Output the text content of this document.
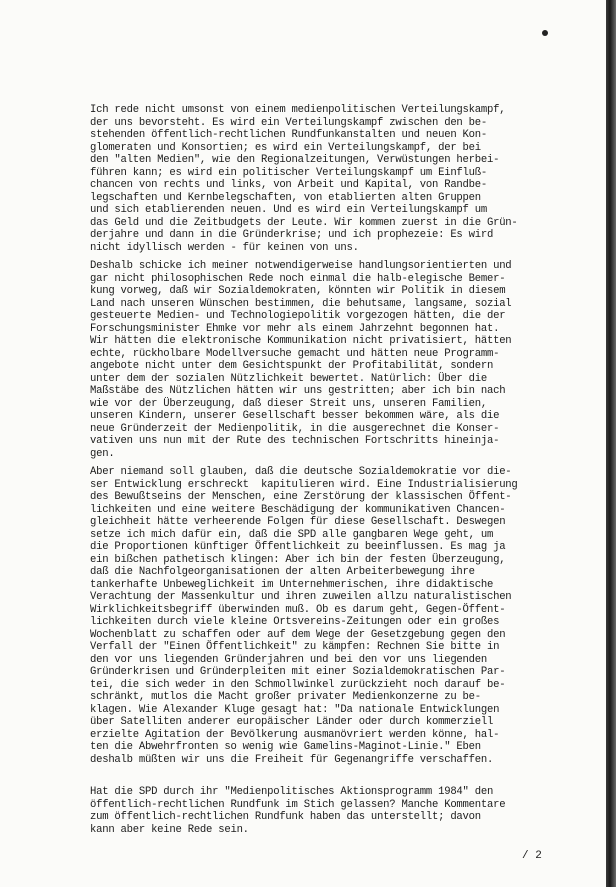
Ich rede nicht umsonst von einem medienpolitischen Verteilungskampf,
der uns bevorsteht. Es wird ein Verteilungskampf zwischen den be-
stehenden öffentlich-rechtlichen Rundfunkanstalten und neuen Kon-
glomeraten und Konsortien; es wird ein Verteilungskampf, der bei
den "alten Medien", wie den Regionalzeitungen, Verwüstungen herbei-
führen kann; es wird ein politischer Verteilungskampf um Einfluß-
chancen von rechts und links, von Arbeit und Kapital, von Randbe-
legschaften und Kernbelegschaften, von etablierten alten Gruppen
und sich etablierenden neuen. Und es wird ein Verteilungskampf um
das Geld und die Zeitbudgets der Leute. Wir kommen zuerst in die Grün-
derjahre und dann in die Gründerkrise; und ich prophezeie: Es wird
nicht idyllisch werden - für keinen von uns.
Deshalb schicke ich meiner notwendigerweise handlungsorientierten und
gar nicht philosophischen Rede noch einmal die halb-elegische Bemer-
kung vorweg, daß wir Sozialdemokraten, könnten wir Politik in diesem
Land nach unseren Wünschen bestimmen, die behutsame, langsame, sozial
gesteuerte Medien- und Technologiepolitik vorgezogen hätten, die der
Forschungsminister Ehmke vor mehr als einem Jahrzehnt begonnen hat.
Wir hätten die elektronische Kommunikation nicht privatisiert, hätten
echte, rückholbare Modellversuche gemacht und hätten neue Programm-
angebote nicht unter dem Gesichtspunkt der Profitabilität, sondern
unter dem der sozialen Nützlichkeit bewertet. Natürlich: Über die
Maßstäbe des Nützlichen hätten wir uns gestritten; aber ich bin nach
wie vor der Überzeugung, daß dieser Streit uns, unseren Familien,
unseren Kindern, unserer Gesellschaft besser bekommen wäre, als die
neue Gründerzeit der Medienpolitik, in die ausgerechnet die Konser-
vativen uns nun mit der Rute des technischen Fortschritts hineinja-
gen.
Aber niemand soll glauben, daß die deutsche Sozialdemokratie vor die-
ser Entwicklung erschreckt  kapitulieren wird. Eine Industrialisierung
des Bewußtseins der Menschen, eine Zerstörung der klassischen Öffent-
lichkeiten und eine weitere Beschädigung der kommunikativen Chancen-
gleichheit hätte verheerende Folgen für diese Gesellschaft. Deswegen
setze ich mich dafür ein, daß die SPD alle gangbaren Wege geht, um
die Proportionen künftiger Öffentlichkeit zu beeinflussen. Es mag ja
ein bißchen pathetisch klingen: Aber ich bin der festen Überzeugung,
daß die Nachfolgeorganisationen der alten Arbeiterbewegung ihre
tankerhafte Unbeweglichkeit im Unternehmerischen, ihre didaktische
Verachtung der Massenkultur und ihren zuweilen allzu naturalistischen
Wirklichkeitsbegriff überwinden muß. Ob es darum geht, Gegen-Öffent-
lichkeiten durch viele kleine Ortsvereins-Zeitungen oder ein großes
Wochenblatt zu schaffen oder auf dem Wege der Gesetzgebung gegen den
Verfall der "Einen Öffentlichkeit" zu kämpfen: Rechnen Sie bitte in
den vor uns liegenden Gründerjahren und bei den vor uns liegenden
Gründerkrisen und Gründerpleiten mit einer Sozialdemokratischen Par-
tei, die sich weder in den Schmollwinkel zurückzieht noch darauf be-
schränkt, mutlos die Macht großer privater Medienkonzerne zu be-
klagen. Wie Alexander Kluge gesagt hat: "Da nationale Entwicklungen
über Satelliten anderer europäischer Länder oder durch kommerziell
erzielte Agitation der Bevölkerung ausmanövriert werden könne, hal-
ten die Abwehrfronten so wenig wie Gamelins-Maginot-Linie." Eben
deshalb müßten wir uns die Freiheit für Gegenangriffe verschaffen.
Hat die SPD durch ihr "Medienpolitisches Aktionsprogramm 1984" den
öffentlich-rechtlichen Rundfunk im Stich gelassen? Manche Kommentare
zum öffentlich-rechtlichen Rundfunk haben das unterstellt; davon
kann aber keine Rede sein.
/ 2
